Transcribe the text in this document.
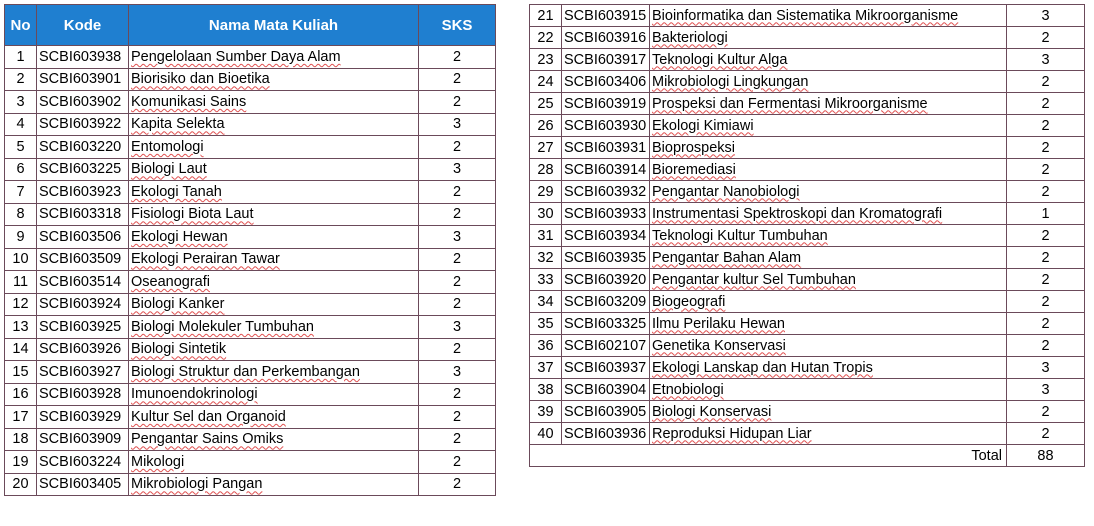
No	Kode	Nama Mata Kuliah	SKS
1	SCBI603938	Pengelolaan Sumber Daya Alam	2
2	SCBI603901	Biorisiko dan Bioetika	2
3	SCBI603902	Komunikasi Sains	2
4	SCBI603922	Kapita Selekta	3
5	SCBI603220	Entomologi	2
6	SCBI603225	Biologi Laut	3
7	SCBI603923	Ekologi Tanah	2
8	SCBI603318	Fisiologi Biota Laut	2
9	SCBI603506	Ekologi Hewan	3
10	SCBI603509	Ekologi Perairan Tawar	2
11	SCBI603514	Oseanografi	2
12	SCBI603924	Biologi Kanker	2
13	SCBI603925	Biologi Molekuler Tumbuhan	3
14	SCBI603926	Biologi Sintetik	2
15	SCBI603927	Biologi Struktur dan Perkembangan	3
16	SCBI603928	Imunoendokrinologi	2
17	SCBI603929	Kultur Sel dan Organoid	2
18	SCBI603909	Pengantar Sains Omiks	2
19	SCBI603224	Mikologi	2
20	SCBI603405	Mikrobiologi Pangan	2
21	SCBI603915	Bioinformatika dan Sistematika Mikroorganisme	3
22	SCBI603916	Bakteriologi	2
23	SCBI603917	Teknologi Kultur Alga	3
24	SCBI603406	Mikrobiologi Lingkungan	2
25	SCBI603919	Prospeksi dan Fermentasi Mikroorganisme	2
26	SCBI603930	Ekologi Kimiawi	2
27	SCBI603931	Bioprospeksi	2
28	SCBI603914	Bioremediasi	2
29	SCBI603932	Pengantar Nanobiologi	2
30	SCBI603933	Instrumentasi Spektroskopi dan Kromatografi	1
31	SCBI603934	Teknologi Kultur Tumbuhan	2
32	SCBI603935	Pengantar Bahan Alam	2
33	SCBI603920	Pengantar kultur Sel Tumbuhan	2
34	SCBI603209	Biogeografi	2
35	SCBI603325	Ilmu Perilaku Hewan	2
36	SCBI602107	Genetika Konservasi	2
37	SCBI603937	Ekologi Lanskap dan Hutan Tropis	3
38	SCBI603904	Etnobiologi	3
39	SCBI603905	Biologi Konservasi	2
40	SCBI603936	Reproduksi Hidupan Liar	2
Total			88
